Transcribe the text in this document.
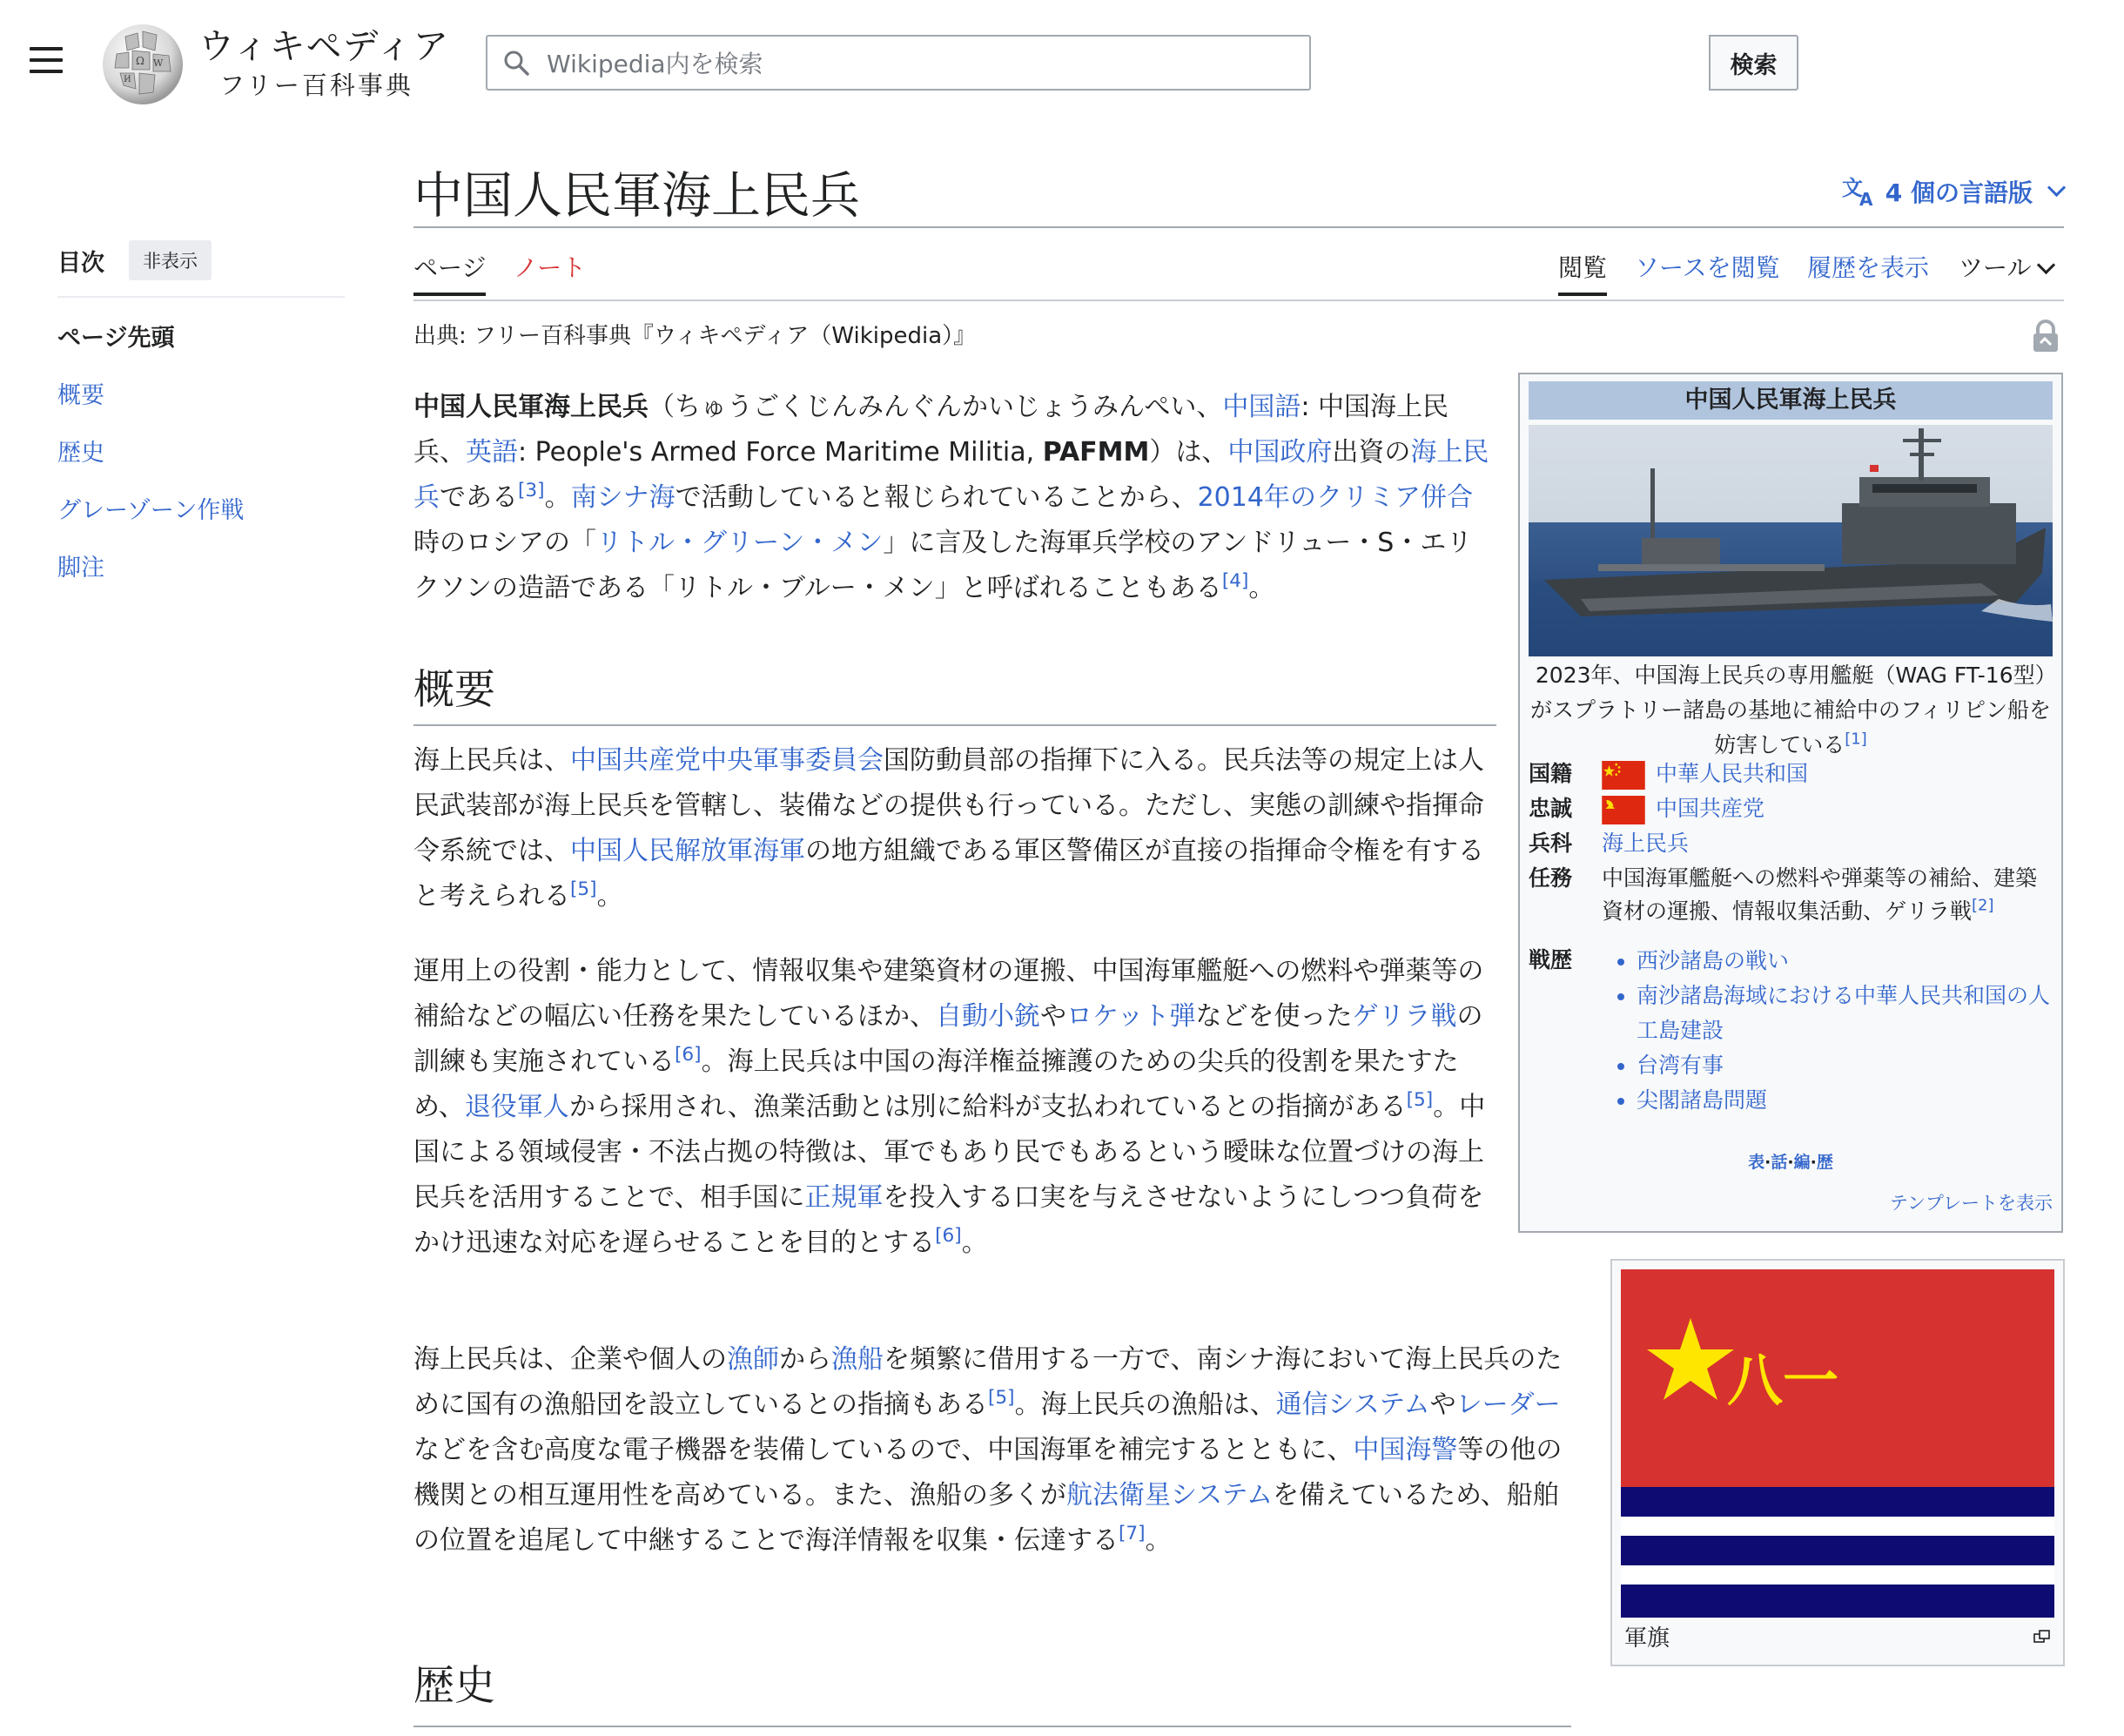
Ω W
И
ウィキペディア
フリー百科事典
Wikipedia内を検索
検索
目次	非表示
ページ先頭
概要
歴史
グレーゾーン作戦
脚注
中国人民軍海上民兵	文
A 4 個の言語版
ページ ノート	閲覧 ソースを閲覧 履歴を表示 ツール
出典: フリー百科事典『ウィキペディア（Wikipedia）』
中国人民軍海上民兵（ちゅうごくじんみんぐんかいじょうみんぺい、中国語: 中国海上民兵、英語: People's Armed Force Maritime Militia, PAFMM）は、中国政府出資の海上民兵である[3]。南シナ海で活動していると報じられていることから、2014年のクリミア併合時のロシアの「リトル・グリーン・メン」に言及した海軍兵学校のアンドリュー・S・エリクソンの造語である「リトル・ブルー・メン」と呼ばれることもある[4]。
概要
海上民兵は、中国共産党中央軍事委員会国防動員部の指揮下に入る。民兵法等の規定上は人民武装部が海上民兵を管轄し、装備などの提供も行っている。ただし、実態の訓練や指揮命令系統では、中国人民解放軍海軍の地方組織である軍区警備区が直接の指揮命令権を有すると考えられる[5]。
運用上の役割・能力として、情報収集や建築資材の運搬、中国海軍艦艇への燃料や弾薬等の補給などの幅広い任務を果たしているほか、自動小銃やロケット弾などを使ったゲリラ戦の訓練も実施されている[6]。海上民兵は中国の海洋権益擁護のための尖兵的役割を果たすため、退役軍人から採用され、漁業活動とは別に給料が支払われているとの指摘がある[5]。中国による領域侵害・不法占拠の特徴は、軍でもあり民でもあるという曖昧な位置づけの海上民兵を活用することで、相手国に正規軍を投入する口実を与えさせないようにしつつ負荷をかけ迅速な対応を遅らせることを目的とする[6]。
海上民兵は、企業や個人の漁師から漁船を頻繁に借用する一方で、南シナ海において海上民兵のために国有の漁船団を設立しているとの指摘もある[5]。海上民兵の漁船は、通信システムやレーダーなどを含む高度な電子機器を装備しているので、中国海軍を補完するとともに、中国海警等の他の機関との相互運用性を高めている。また、漁船の多くが航法衛星システムを備えているため、船舶の位置を追尾して中継することで海洋情報を収集・伝達する[7]。
歴史
中国人民軍海上民兵
2023年、中国海上民兵の専用艦艇（WAG FT-16型）がスプラトリー諸島の基地に補給中のフィリピン船を妨害している[1]
国籍	中華人民共和国
忠誠	中国共産党
兵科 海上民兵
任務 中国海軍艦艇への燃料や弾薬等の補給、建築資材の運搬、情報収集活動、ゲリラ戦[2]
戦歴
•	西沙諸島の戦い
• 南沙諸島海域における中華人民共和国の人工島建設
• 台湾有事
• 尖閣諸島問題
表·話·編·歴
テンプレートを表示
八一
軍旗
